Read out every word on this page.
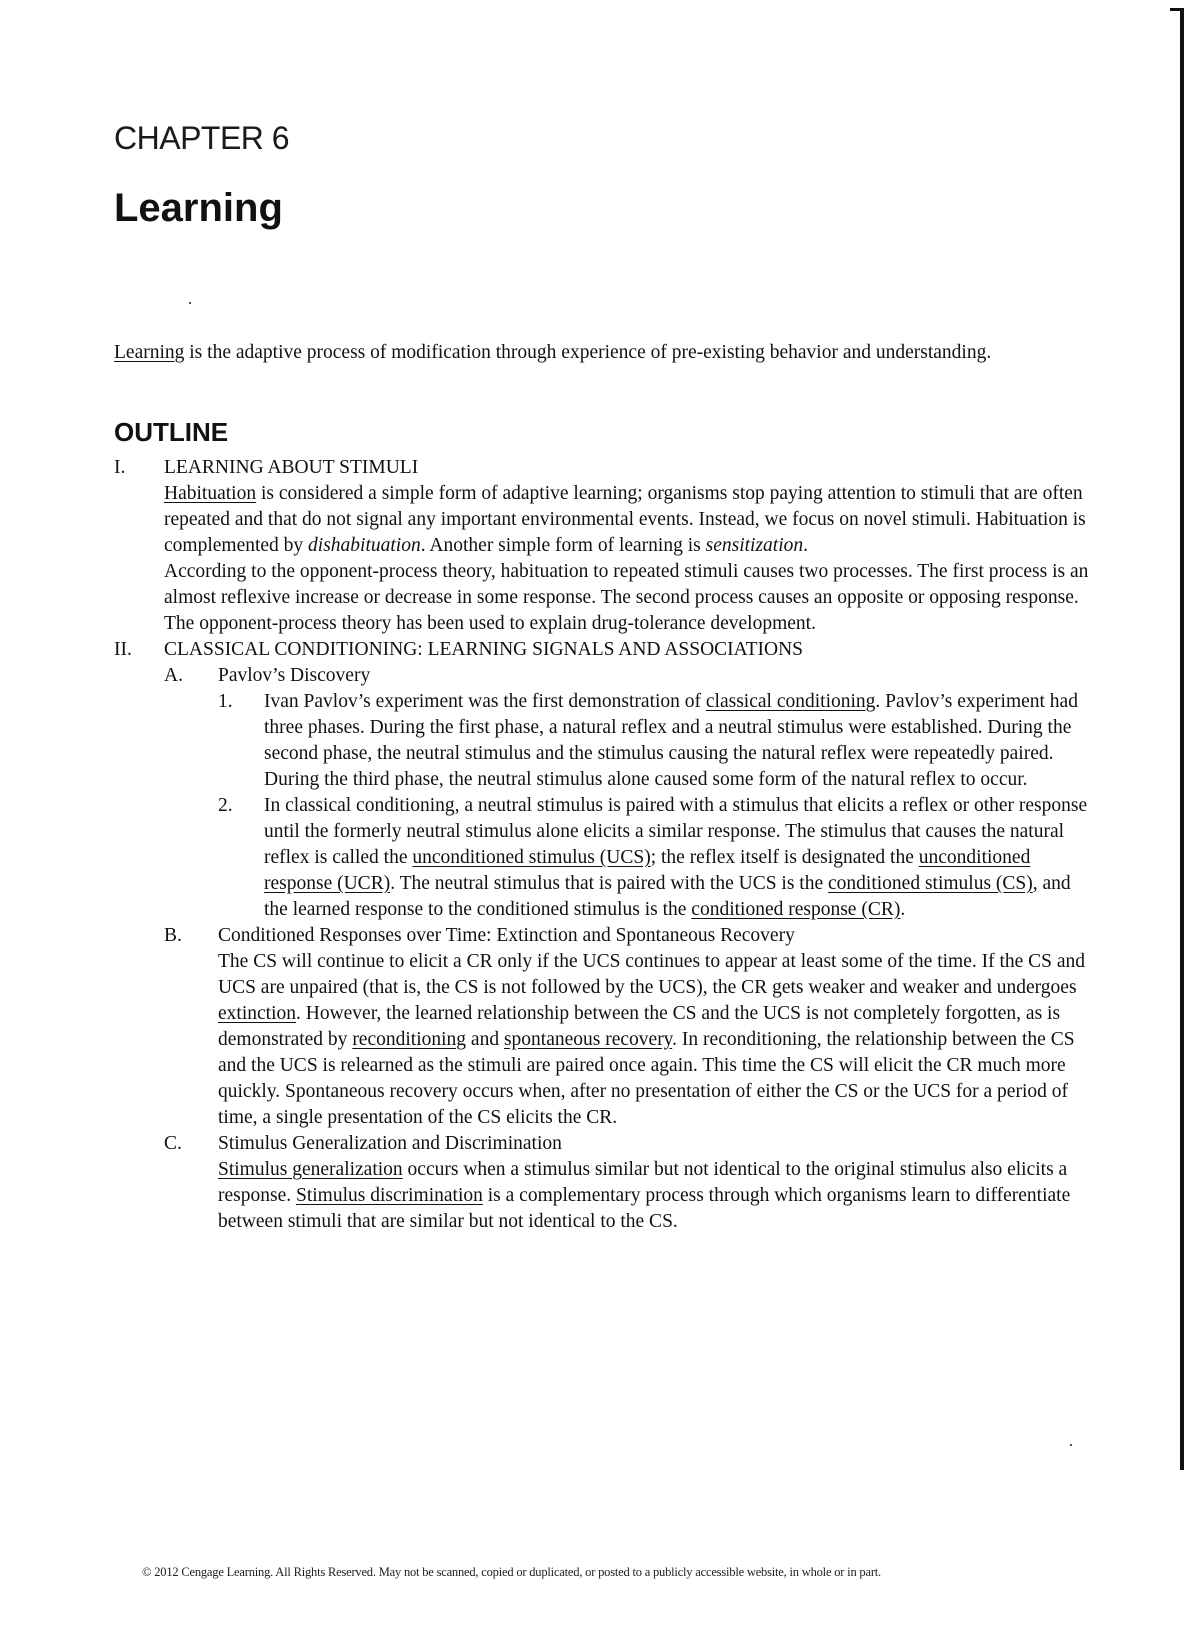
CHAPTER 6
Learning
Learning is the adaptive process of modification through experience of pre-existing behavior and understanding.
OUTLINE
I. LEARNING ABOUT STIMULI
Habituation is considered a simple form of adaptive learning; organisms stop paying attention to stimuli that are often repeated and that do not signal any important environmental events. Instead, we focus on novel stimuli. Habituation is complemented by dishabituation. Another simple form of learning is sensitization.
According to the opponent-process theory, habituation to repeated stimuli causes two processes. The first process is an almost reflexive increase or decrease in some response. The second process causes an opposite or opposing response. The opponent-process theory has been used to explain drug-tolerance development.
II. CLASSICAL CONDITIONING: LEARNING SIGNALS AND ASSOCIATIONS
A. Pavlov’s Discovery
1. Ivan Pavlov’s experiment was the first demonstration of classical conditioning. Pavlov’s experiment had three phases. During the first phase, a natural reflex and a neutral stimulus were established. During the second phase, the neutral stimulus and the stimulus causing the natural reflex were repeatedly paired. During the third phase, the neutral stimulus alone caused some form of the natural reflex to occur.
2. In classical conditioning, a neutral stimulus is paired with a stimulus that elicits a reflex or other response until the formerly neutral stimulus alone elicits a similar response. The stimulus that causes the natural reflex is called the unconditioned stimulus (UCS); the reflex itself is designated the unconditioned response (UCR). The neutral stimulus that is paired with the UCS is the conditioned stimulus (CS), and the learned response to the conditioned stimulus is the conditioned response (CR).
B. Conditioned Responses over Time: Extinction and Spontaneous Recovery
The CS will continue to elicit a CR only if the UCS continues to appear at least some of the time. If the CS and UCS are unpaired (that is, the CS is not followed by the UCS), the CR gets weaker and weaker and undergoes extinction. However, the learned relationship between the CS and the UCS is not completely forgotten, as is demonstrated by reconditioning and spontaneous recovery. In reconditioning, the relationship between the CS and the UCS is relearned as the stimuli are paired once again. This time the CS will elicit the CR much more quickly. Spontaneous recovery occurs when, after no presentation of either the CS or the UCS for a period of time, a single presentation of the CS elicits the CR.
C. Stimulus Generalization and Discrimination
Stimulus generalization occurs when a stimulus similar but not identical to the original stimulus also elicits a response. Stimulus discrimination is a complementary process through which organisms learn to differentiate between stimuli that are similar but not identical to the CS.
© 2012 Cengage Learning. All Rights Reserved. May not be scanned, copied or duplicated, or posted to a publicly accessible website, in whole or in part.
